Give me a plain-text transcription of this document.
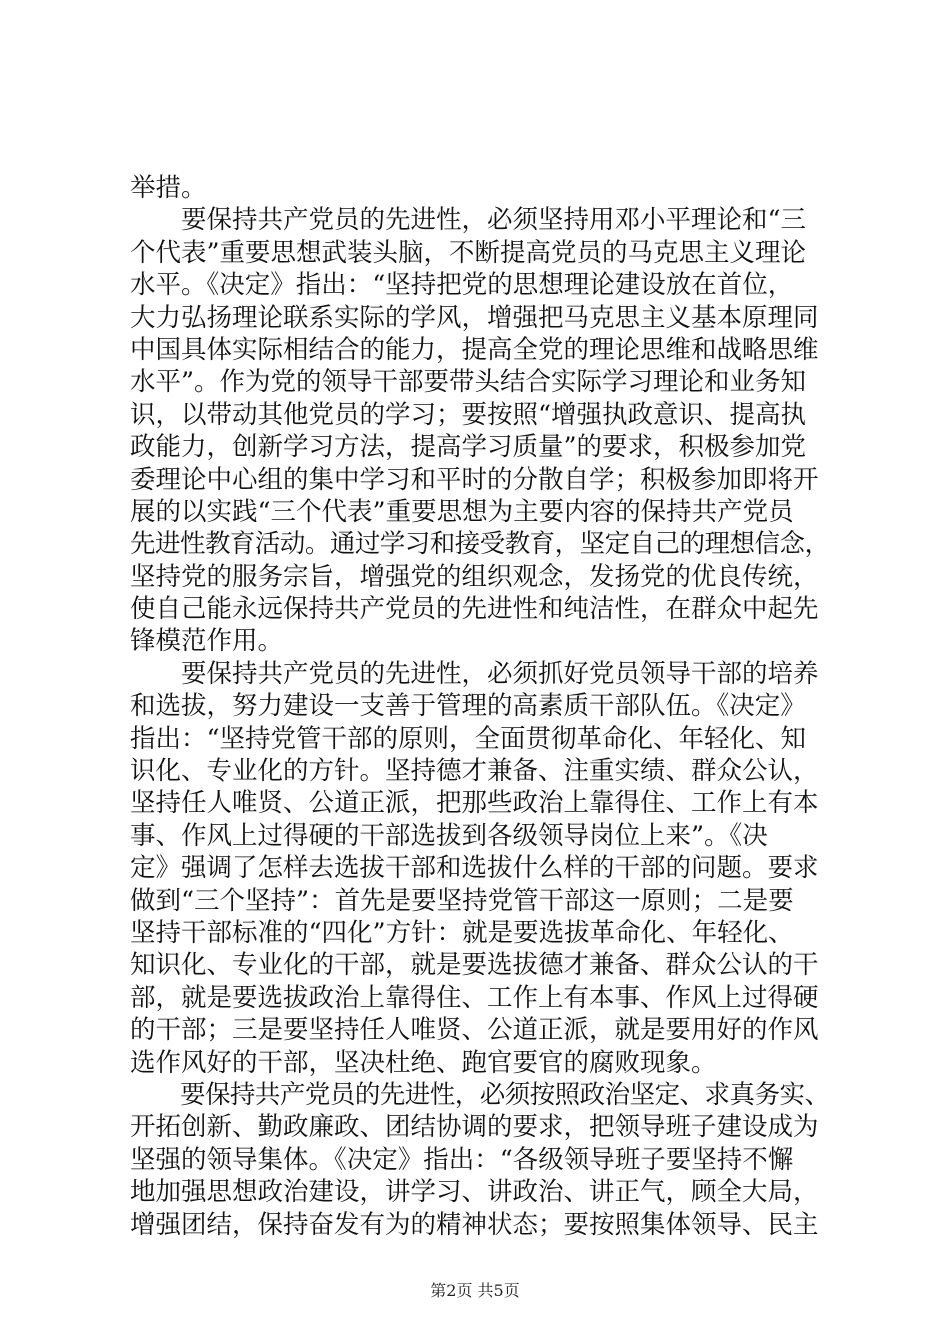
举措。
　　要保持共产党员的先进性，必须坚持用邓小平理论和“三
个代表”重要思想武装头脑，不断提高党员的马克思主义理论
水平。《决定》指出：“坚持把党的思想理论建设放在首位，
大力弘扬理论联系实际的学风，增强把马克思主义基本原理同
中国具体实际相结合的能力，提高全党的理论思维和战略思维
水平”。作为党的领导干部要带头结合实际学习理论和业务知
识，以带动其他党员的学习；要按照“增强执政意识、提高执
政能力，创新学习方法，提高学习质量”的要求，积极参加党
委理论中心组的集中学习和平时的分散自学；积极参加即将开
展的以实践“三个代表”重要思想为主要内容的保持共产党员
先进性教育活动。通过学习和接受教育，坚定自己的理想信念，
坚持党的服务宗旨，增强党的组织观念，发扬党的优良传统，
使自己能永远保持共产党员的先进性和纯洁性，在群众中起先
锋模范作用。
　　要保持共产党员的先进性，必须抓好党员领导干部的培养
和选拔，努力建设一支善于管理的高素质干部队伍。《决定》
指出：“坚持党管干部的原则，全面贯彻革命化、年轻化、知
识化、专业化的方针。坚持德才兼备、注重实绩、群众公认，
坚持任人唯贤、公道正派，把那些政治上靠得住、工作上有本
事、作风上过得硬的干部选拔到各级领导岗位上来”。《决
定》强调了怎样去选拔干部和选拔什么样的干部的问题。要求
做到“三个坚持”：首先是要坚持党管干部这一原则；二是要
坚持干部标准的“四化”方针：就是要选拔革命化、年轻化、
知识化、专业化的干部，就是要选拔德才兼备、群众公认的干
部，就是要选拔政治上靠得住、工作上有本事、作风上过得硬
的干部；三是要坚持任人唯贤、公道正派，就是要用好的作风
选作风好的干部，坚决杜绝、跑官要官的腐败现象。
　　要保持共产党员的先进性，必须按照政治坚定、求真务实、
开拓创新、勤政廉政、团结协调的要求，把领导班子建设成为
坚强的领导集体。《决定》指出：“各级领导班子要坚持不懈
地加强思想政治建设，讲学习、讲政治、讲正气，顾全大局，
增强团结，保持奋发有为的精神状态；要按照集体领导、民主
第2页 共5页
